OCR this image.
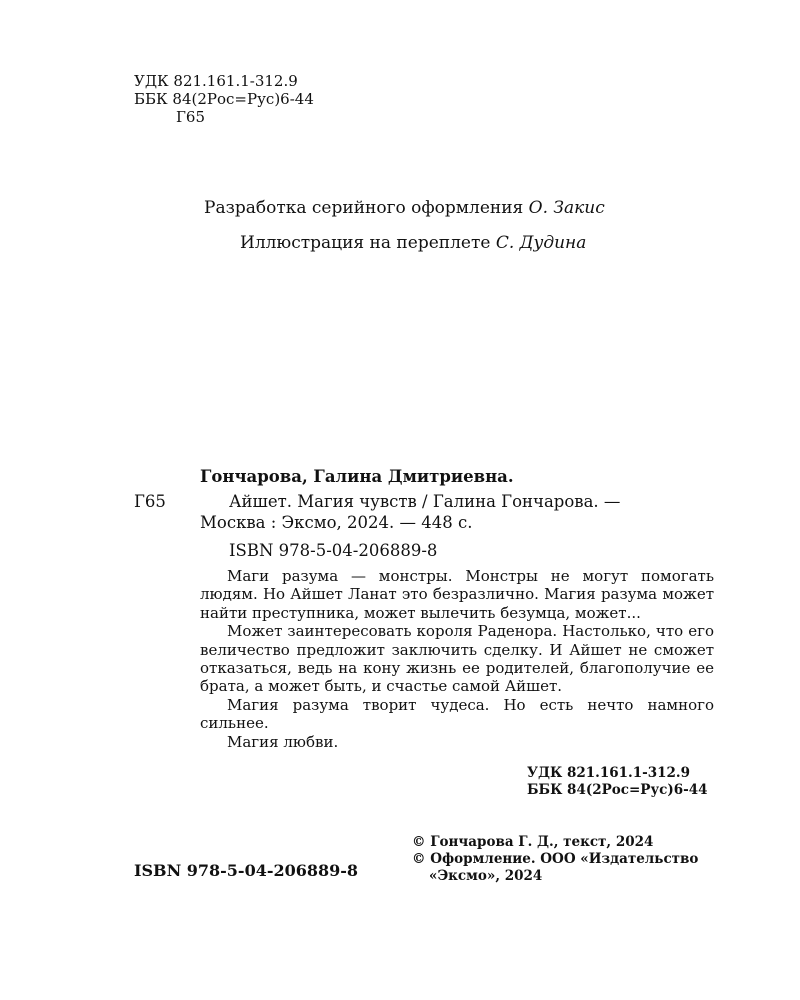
УДК 821.161.1-312.9
ББК 84(2Рос=Рус)6-44
Г65
Разработка серийного оформления О. Закис
Иллюстрация на переплете С. Дудина
Гончарова, Галина Дмитриевна.
Г65	Айшет. Магия чувств / Галина Гончарова. —
Москва : Эксмо, 2024. — 448 с.
ISBN 978-5-04-206889-8

Маги разума — монстры. Монстры не могут помогать людям. Но Айшет Ланат это безразлично. Магия разума может найти преступника, может вылечить безумца, может...

Может заинтересовать короля Раденора. Настолько, что его величество предложит заключить сделку. И Айшет не сможет отказаться, ведь на кону жизнь ее родителей, благополучие ее брата, а может быть, и счастье самой Айшет.

Магия разума творит чудеса. Но есть нечто намного сильнее.

Магия любви.

УДК 821.161.1-312.9
ББК 84(2Рос=Рус)6-44
© Гончарова Г. Д., текст, 2024
© Оформление. ООО «Издательство
«Эксмо», 2024
ISBN 978-5-04-206889-8
